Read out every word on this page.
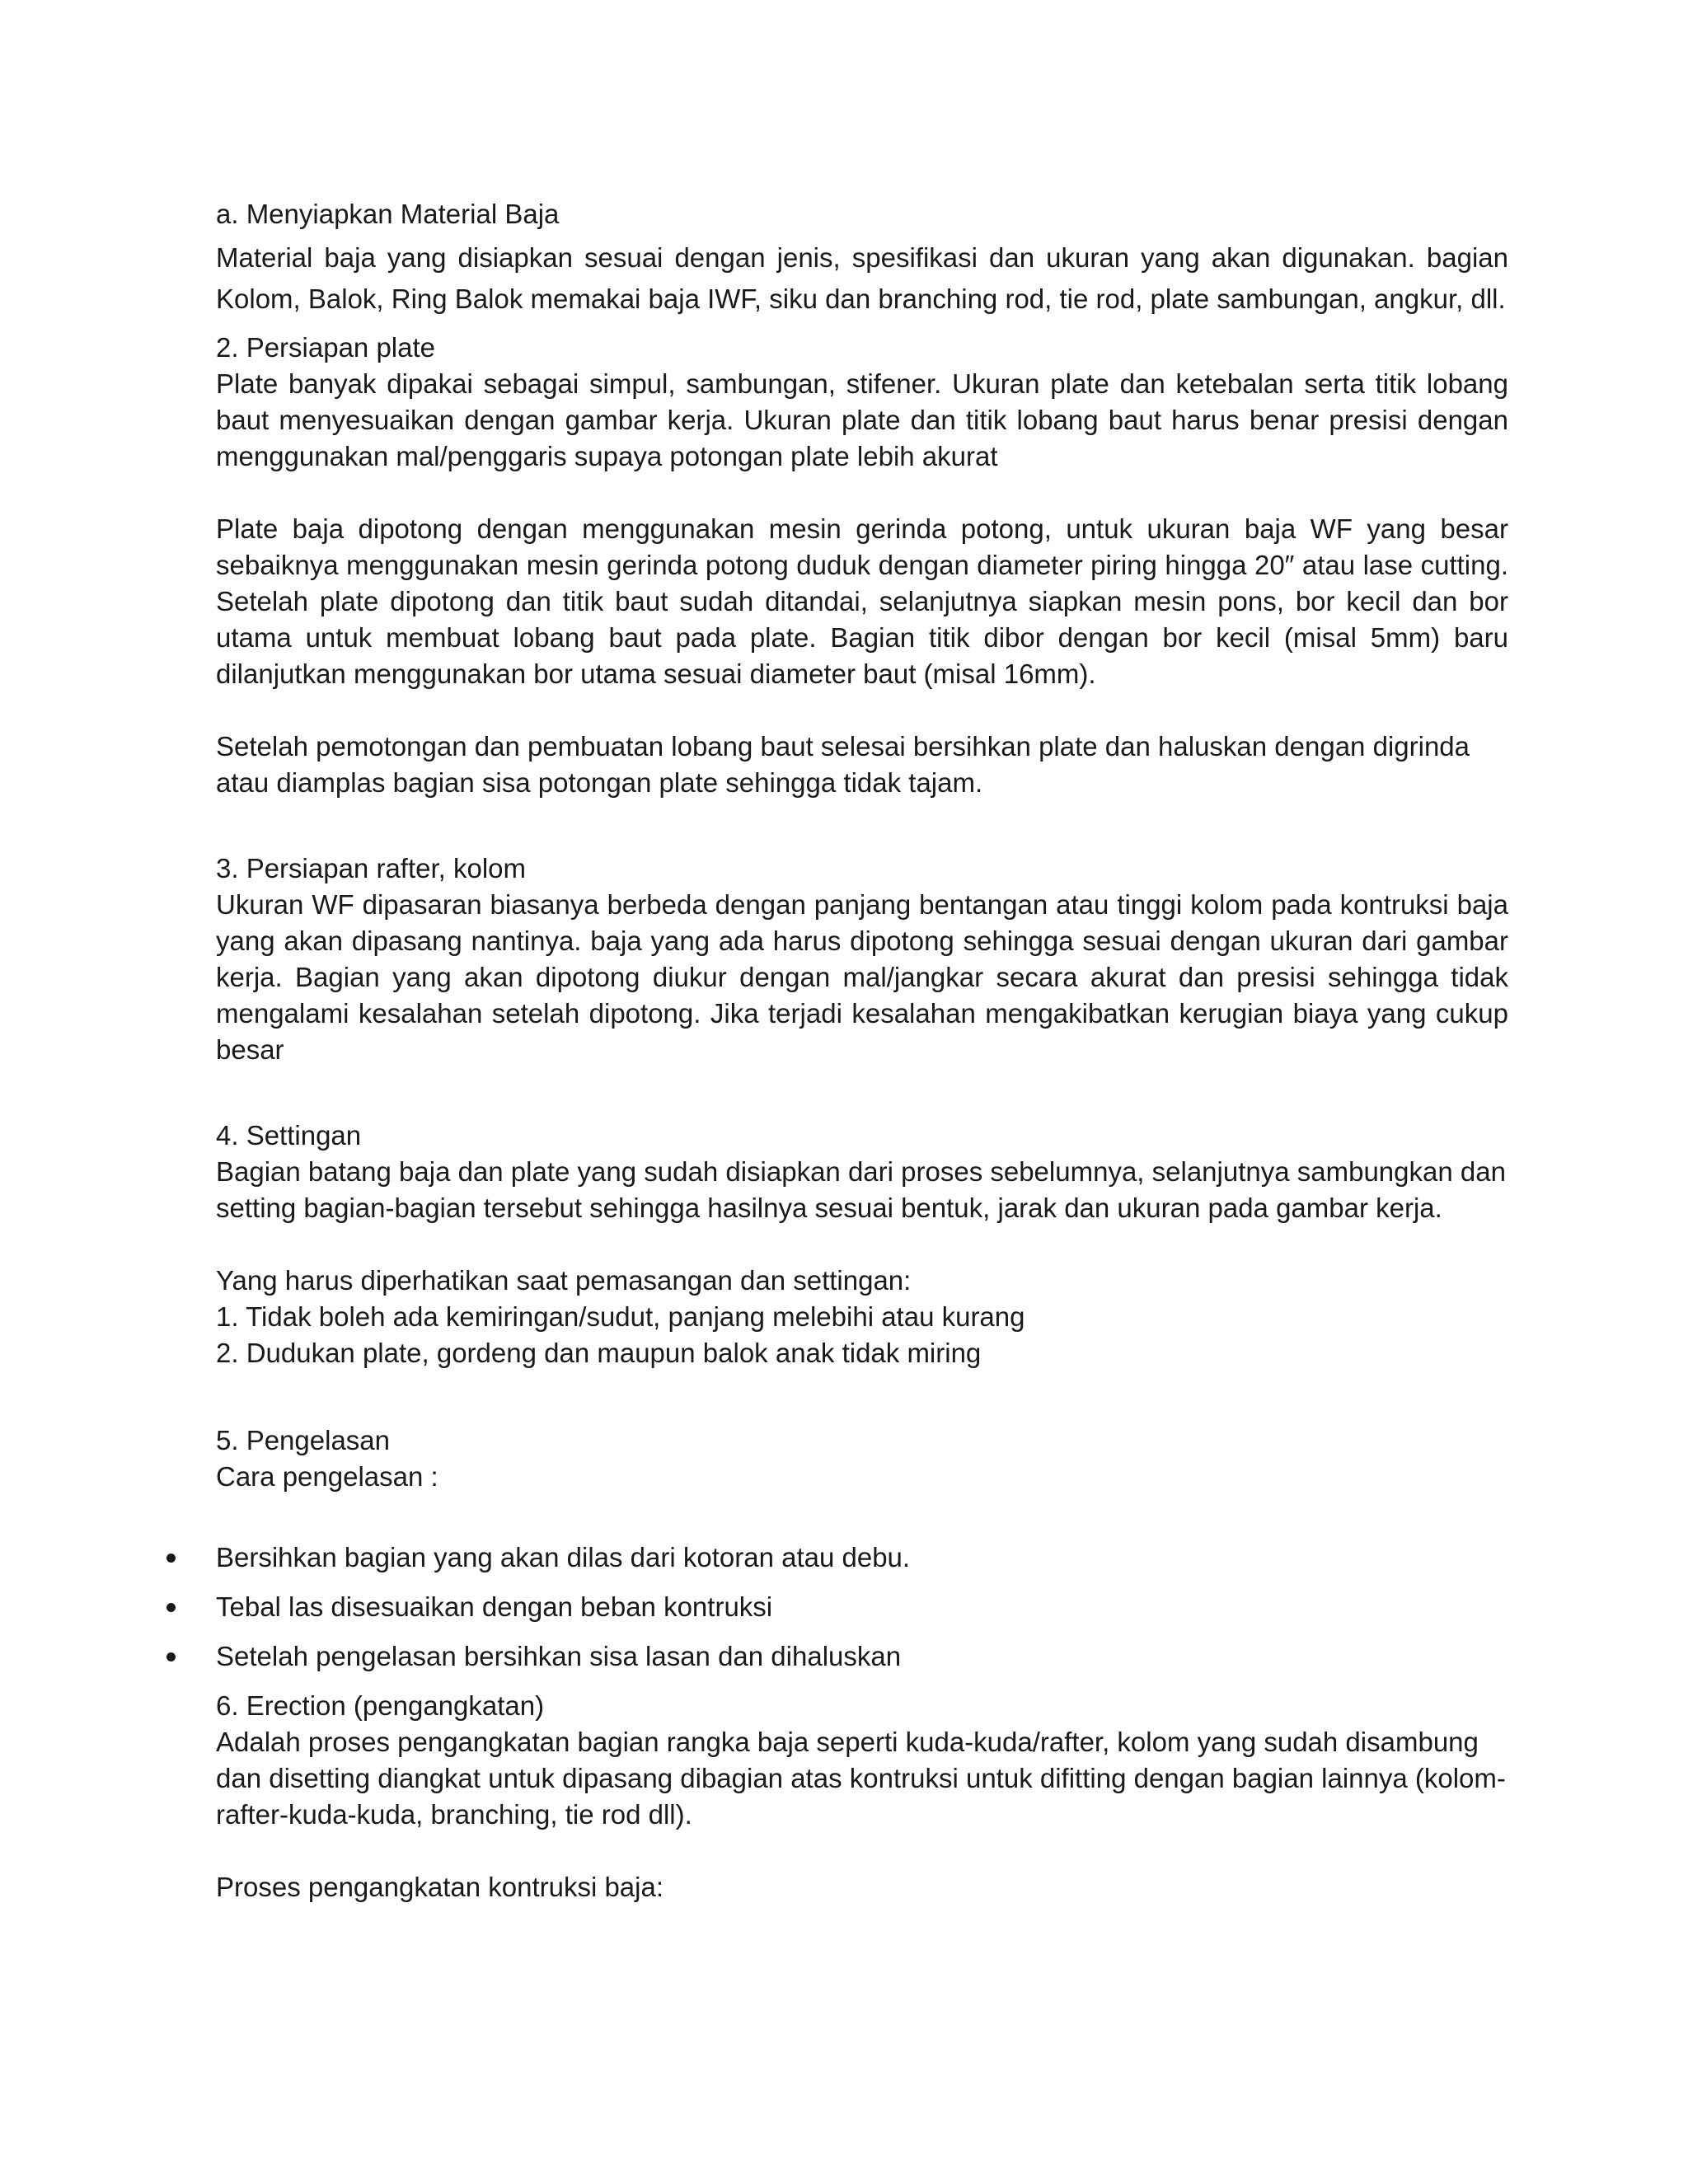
a. Menyiapkan Material Baja

Material baja yang disiapkan sesuai dengan jenis, spesifikasi dan ukuran yang akan digunakan. bagian Kolom, Balok, Ring Balok memakai baja IWF, siku dan branching rod, tie rod, plate sambungan, angkur, dll.

2. Persiapan plate

Plate banyak dipakai sebagai simpul, sambungan, stifener. Ukuran plate dan ketebalan serta titik lobang baut menyesuaikan dengan gambar kerja. Ukuran plate dan titik lobang baut harus benar presisi dengan menggunakan mal/penggaris supaya potongan plate lebih akurat

Plate baja dipotong dengan menggunakan mesin gerinda potong, untuk ukuran baja WF yang besar sebaiknya menggunakan mesin gerinda potong duduk dengan diameter piring hingga 20″ atau lase cutting. Setelah plate dipotong dan titik baut sudah ditandai, selanjutnya siapkan mesin pons, bor kecil dan bor utama untuk membuat lobang baut pada plate. Bagian titik dibor dengan bor kecil (misal 5mm) baru dilanjutkan menggunakan bor utama sesuai diameter baut (misal 16mm).

Setelah pemotongan dan pembuatan lobang baut selesai bersihkan plate dan haluskan dengan digrinda atau diamplas bagian sisa potongan plate sehingga tidak tajam.

3. Persiapan rafter, kolom

Ukuran WF dipasaran biasanya berbeda dengan panjang bentangan atau tinggi kolom pada kontruksi baja yang akan dipasang nantinya. baja yang ada harus dipotong sehingga sesuai dengan ukuran dari gambar kerja. Bagian yang akan dipotong diukur dengan mal/jangkar secara akurat dan presisi sehingga tidak mengalami kesalahan setelah dipotong. Jika terjadi kesalahan mengakibatkan kerugian biaya yang cukup besar

4. Settingan

Bagian batang baja dan plate yang sudah disiapkan dari proses sebelumnya, selanjutnya sambungkan dan setting bagian-bagian tersebut sehingga hasilnya sesuai bentuk, jarak dan ukuran pada gambar kerja.

Yang harus diperhatikan saat pemasangan dan settingan:

1. Tidak boleh ada kemiringan/sudut, panjang melebihi atau kurang
2. Dudukan plate, gordeng dan maupun balok anak tidak miring

5. Pengelasan

Cara pengelasan :

Bersihkan bagian yang akan dilas dari kotoran atau debu.
Tebal las disesuaikan dengan beban kontruksi
Setelah pengelasan bersihkan sisa lasan dan dihaluskan

6. Erection (pengangkatan)

Adalah proses pengangkatan bagian rangka baja seperti kuda-kuda/rafter, kolom yang sudah disambung dan disetting diangkat untuk dipasang dibagian atas kontruksi untuk difitting dengan bagian lainnya (kolom-rafter-kuda-kuda, branching, tie rod dll).

Proses pengangkatan kontruksi baja:
